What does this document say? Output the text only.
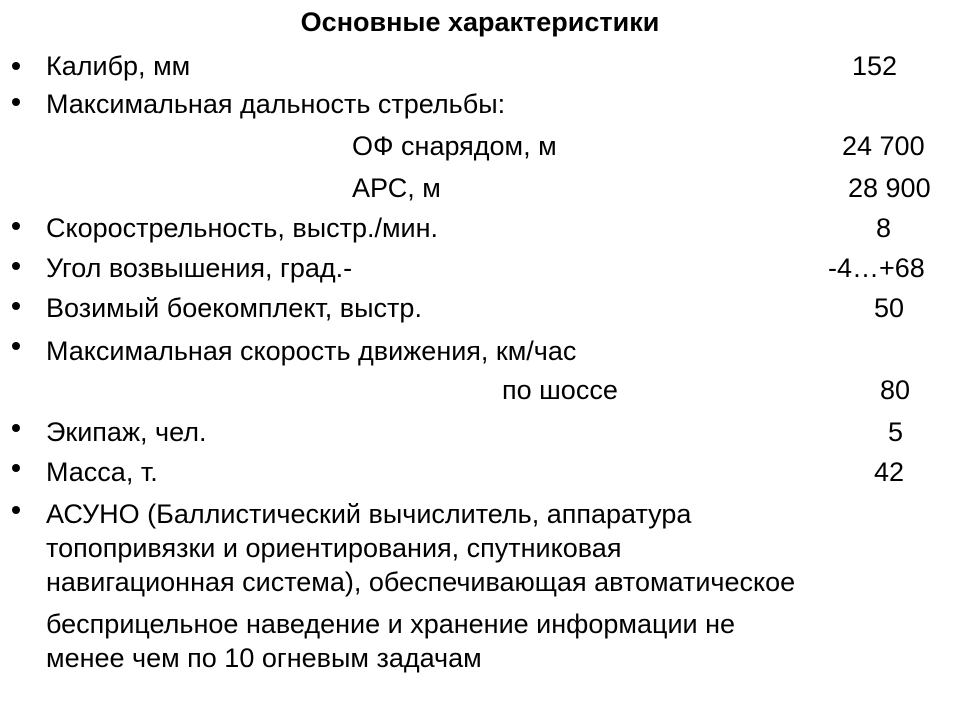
Основные характеристики
Калибр, мм	152
Максимальная дальность стрельбы:
ОФ снарядом, м	24 700
АРС, м	28 900
Скорострельность, выстр./мин.	8
Угол возвышения, град.-	-4…+68
Возимый боекомплект, выстр.	50
Максимальная скорость движения, км/час
по шоссе	80
Экипаж, чел.	5
Масса, т.	42
АСУНО (Баллистический вычислитель, аппаратура
топопривязки и ориентирования, спутниковая
навигационная система), обеспечивающая автоматическое
беcприцельное наведение и хранение информации не
менее чем по 10 огневым задачам
